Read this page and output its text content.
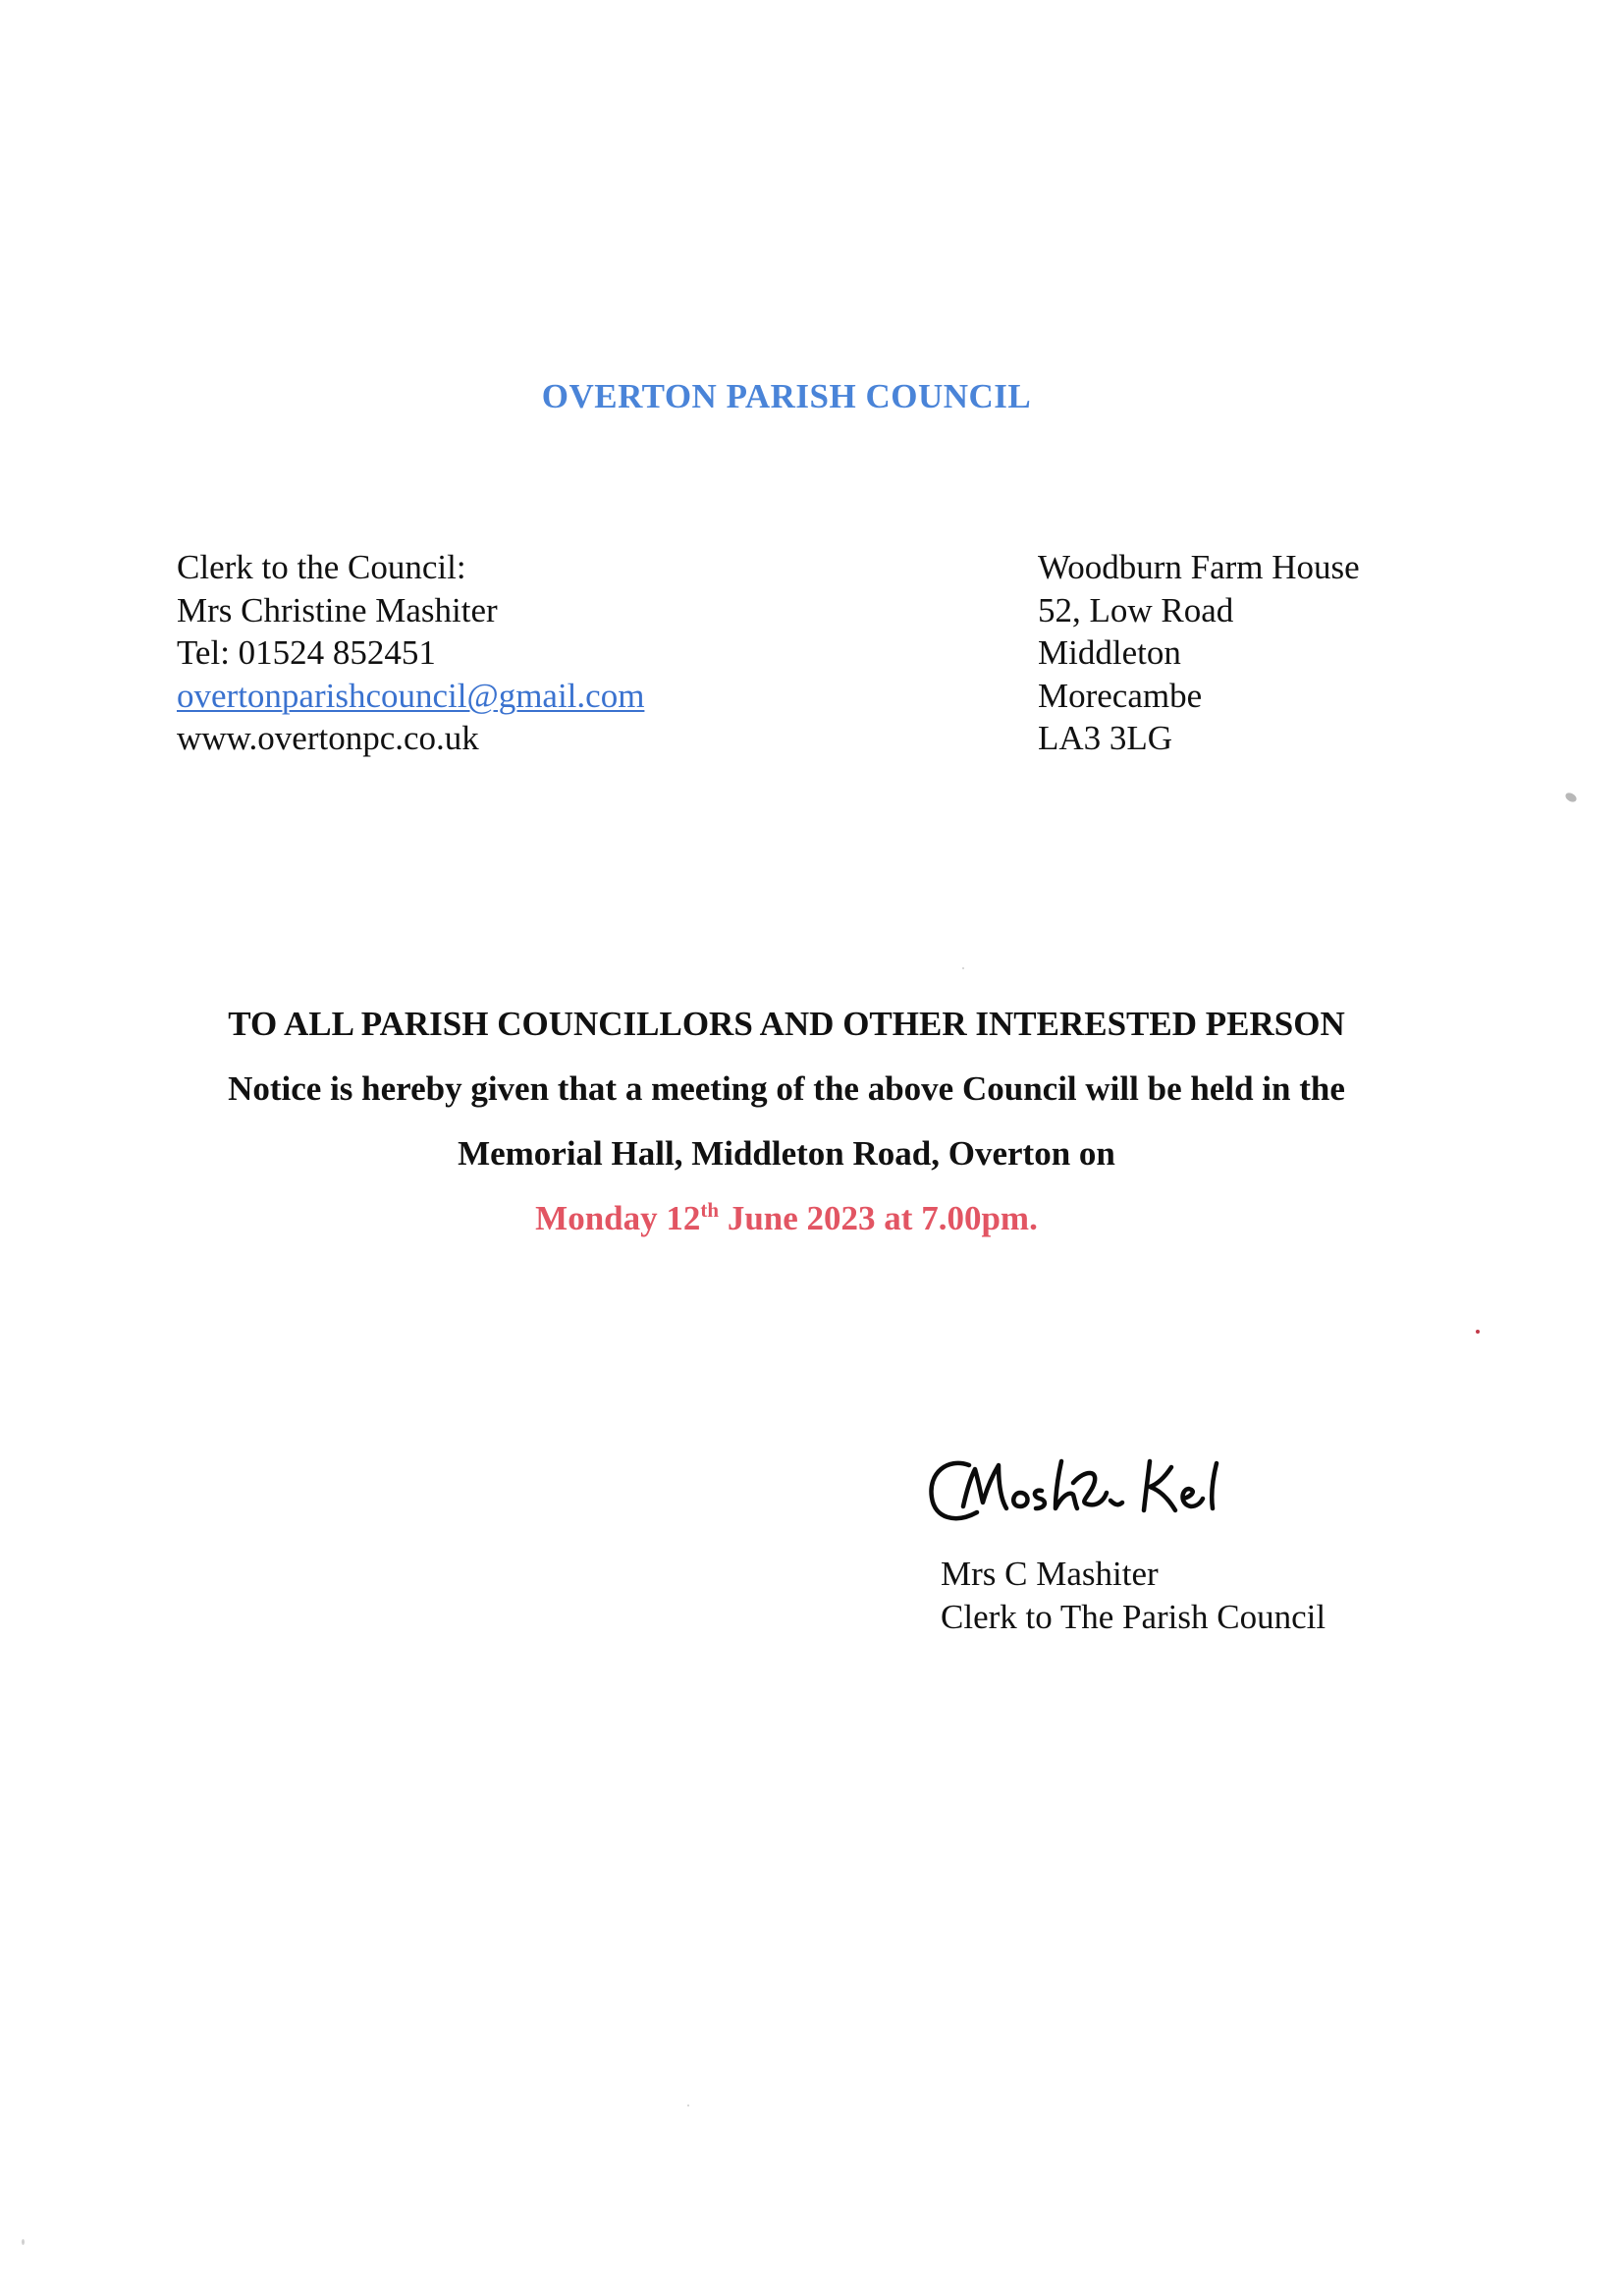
OVERTON PARISH COUNCIL
Clerk to the Council:
Mrs Christine Mashiter
Tel: 01524 852451
overtonparishcouncil@gmail.com
www.overtonpc.co.uk
Woodburn Farm House
52, Low Road
Middleton
Morecambe
LA3 3LG
TO ALL PARISH COUNCILLORS AND OTHER INTERESTED PERSON
Notice is hereby given that a meeting of the above Council will be held in the
Memorial Hall, Middleton Road, Overton on
Monday 12th June 2023 at 7.00pm.
Mrs C Mashiter
Clerk to The Parish Council
